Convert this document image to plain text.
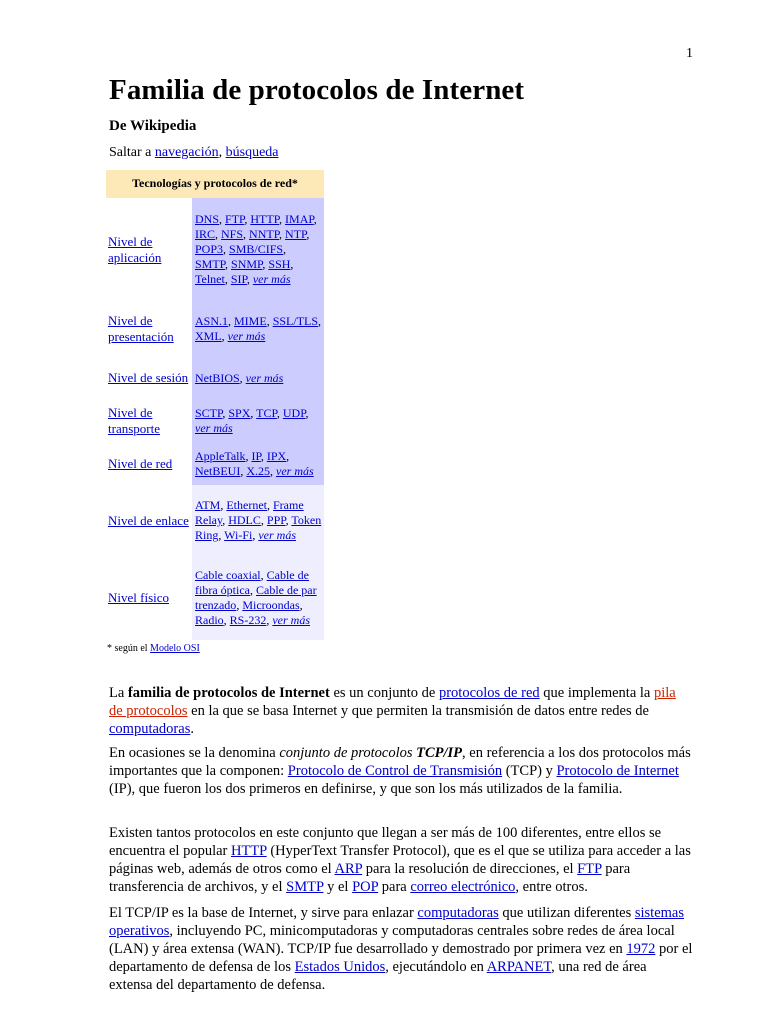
1
Familia de protocolos de Internet
De Wikipedia
Saltar a navegación, búsqueda
Tecnologías y protocolos de red*	
Nivel de aplicación	DNS, FTP, HTTP, IMAP, IRC, NFS, NNTP, NTP, POP3, SMB/CIFS, SMTP, SNMP, SSH, Telnet, SIP, ver más
Nivel de presentación	ASN.1, MIME, SSL/TLS, XML, ver más
Nivel de sesión	NetBIOS, ver más
Nivel de transporte	SCTP, SPX, TCP, UDP, ver más
Nivel de red	AppleTalk, IP, IPX, NetBEUI, X.25, ver más
Nivel de enlace	ATM, Ethernet, Frame Relay, HDLC, PPP, Token Ring, Wi-Fi, ver más
Nivel físico	Cable coaxial, Cable de fibra óptica, Cable de par trenzado, Microondas, Radio, RS-232, ver más
* según el Modelo OSI

La familia de protocolos de Internet es un conjunto de protocolos de red que implementa la pila de protocolos en la que se basa Internet y que permiten la transmisión de datos entre redes de computadoras.

En ocasiones se la denomina conjunto de protocolos TCP/IP, en referencia a los dos protocolos más importantes que la componen: Protocolo de Control de Transmisión (TCP) y Protocolo de Internet (IP), que fueron los dos primeros en definirse, y que son los más utilizados de la familia.

Existen tantos protocolos en este conjunto que llegan a ser más de 100 diferentes, entre ellos se encuentra el popular HTTP (HyperText Transfer Protocol), que es el que se utiliza para acceder a las páginas web, además de otros como el ARP para la resolución de direcciones, el FTP para transferencia de archivos, y el SMTP y el POP para correo electrónico, entre otros.

El TCP/IP es la base de Internet, y sirve para enlazar computadoras que utilizan diferentes sistemas operativos, incluyendo PC, minicomputadoras y computadoras centrales sobre redes de área local (LAN) y área extensa (WAN). TCP/IP fue desarrollado y demostrado por primera vez en 1972 por el departamento de defensa de los Estados Unidos, ejecutándolo en ARPANET, una red de área extensa del departamento de defensa.
